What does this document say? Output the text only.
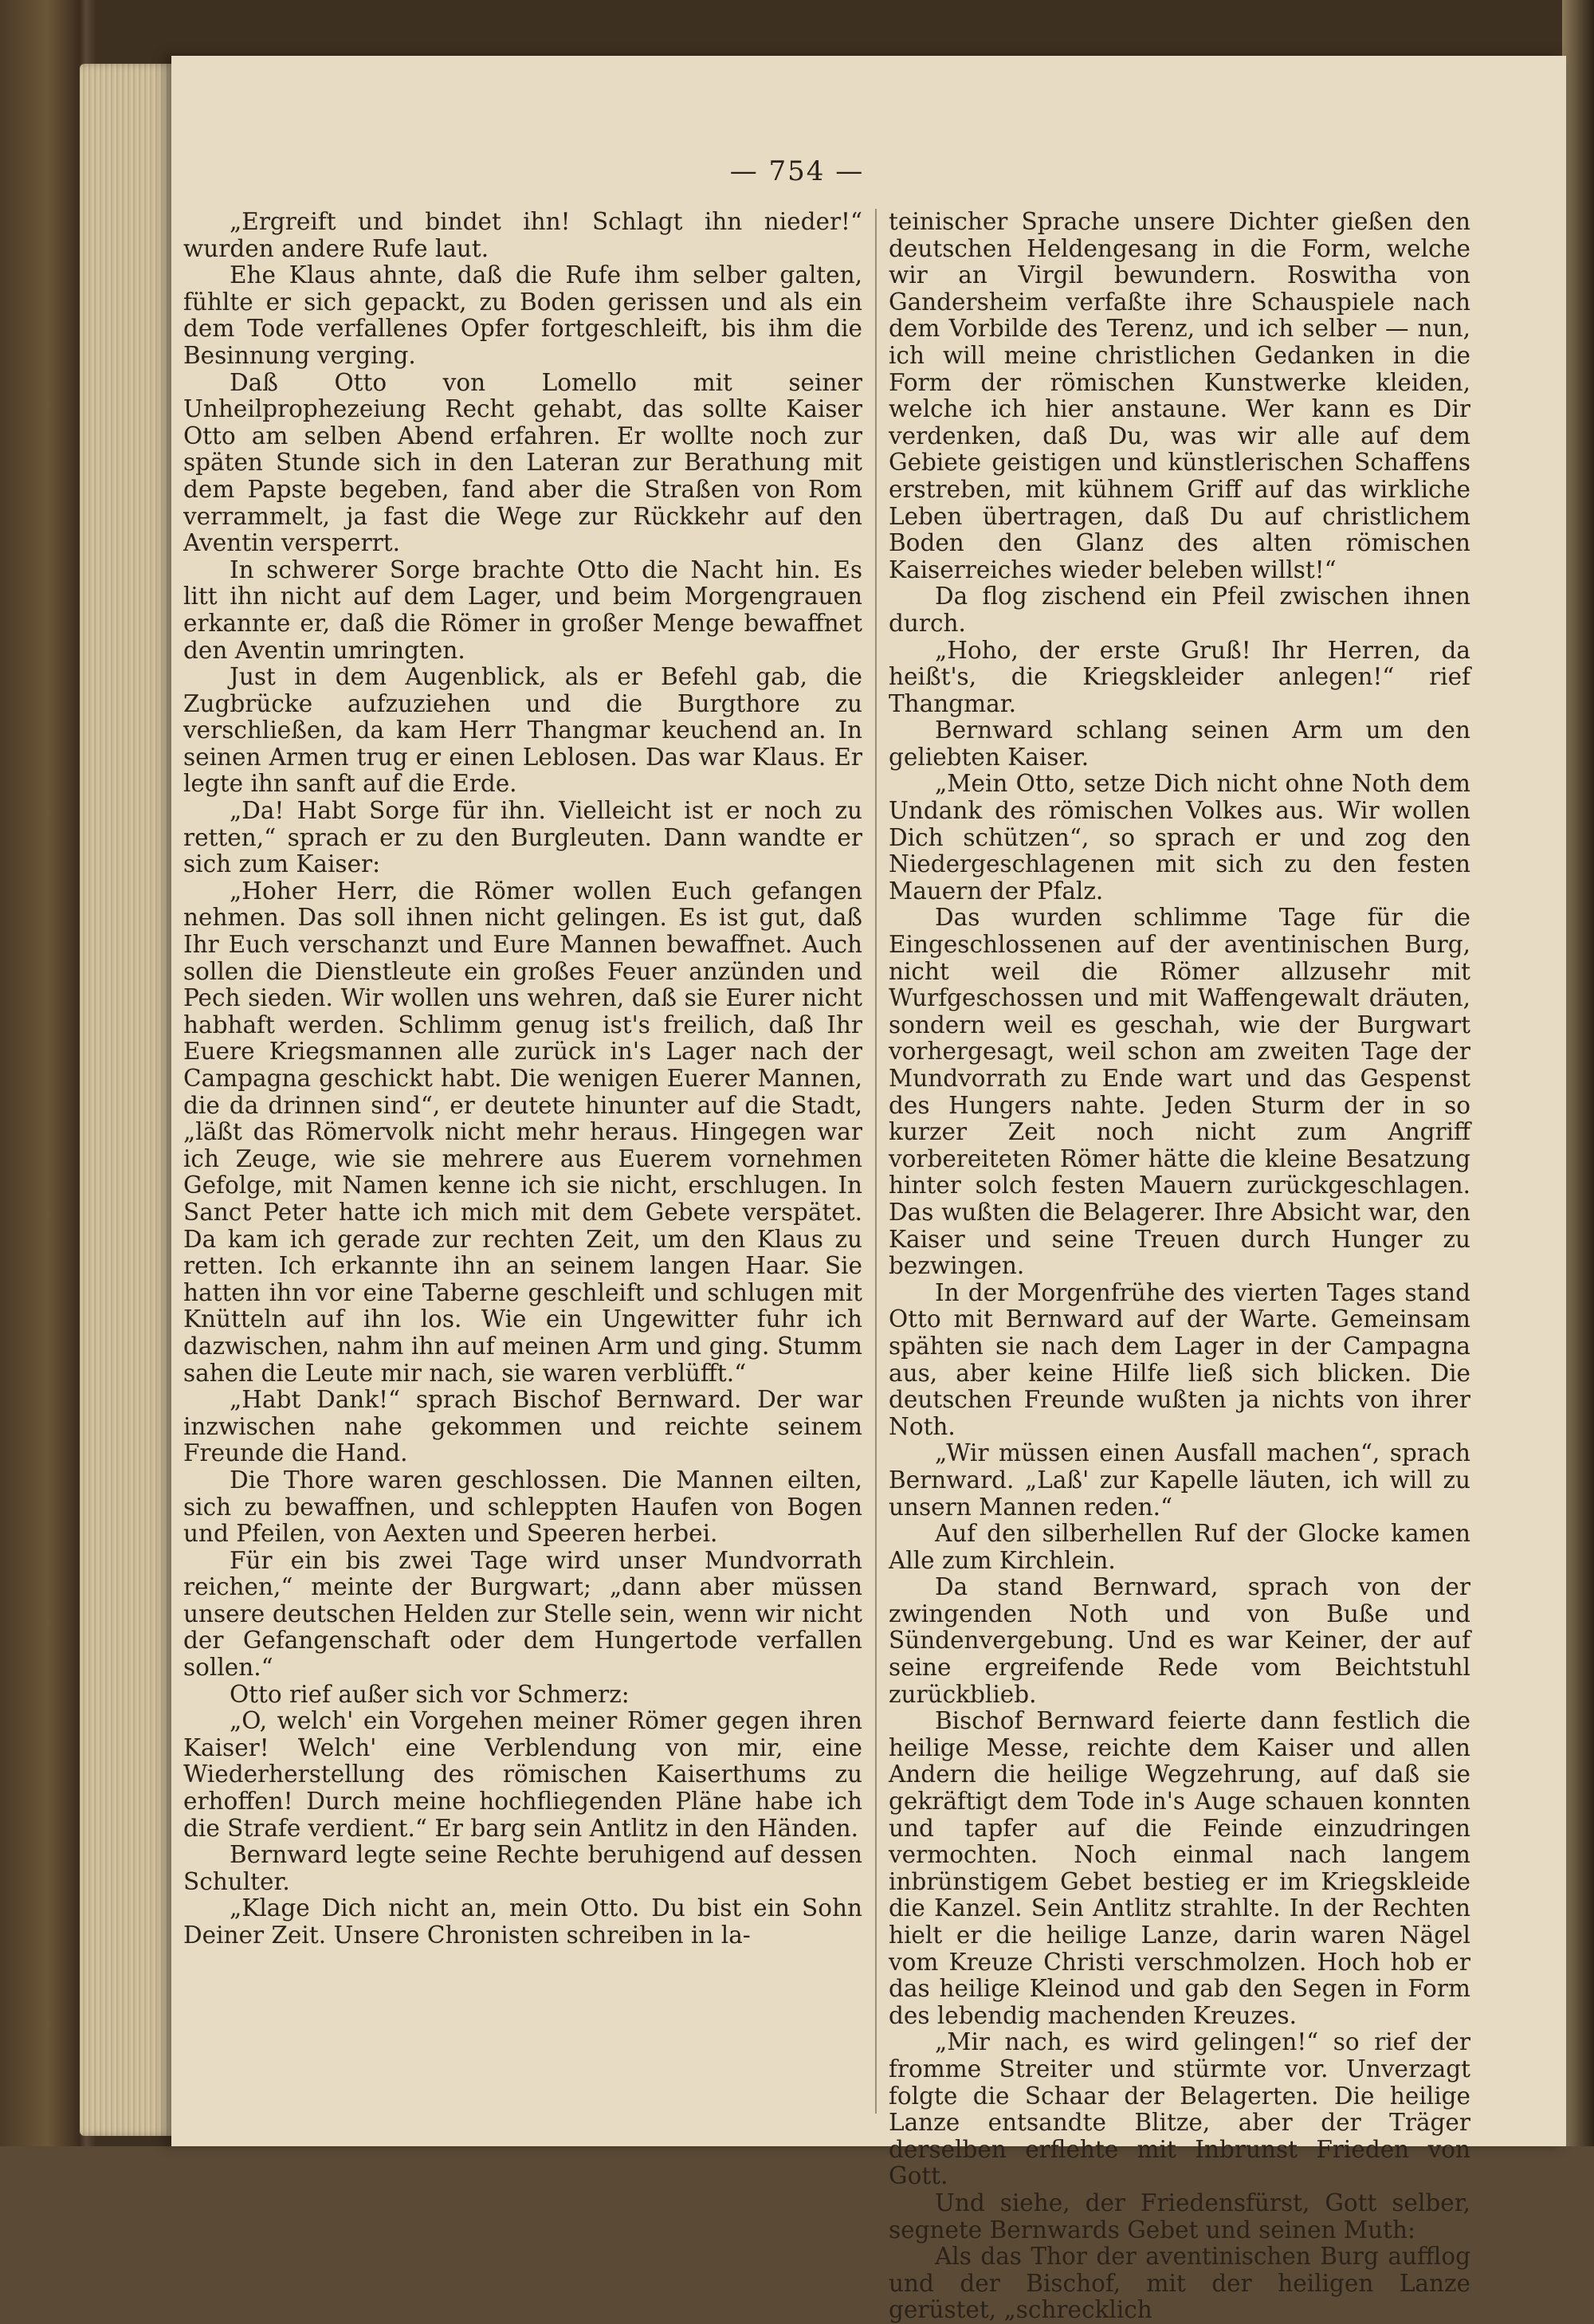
— 754 —

„Ergreift und bindet ihn! Schlagt ihn nieder!“ wurden andere Rufe laut.

Ehe Klaus ahnte, daß die Rufe ihm selber galten, fühlte er sich gepackt, zu Boden gerissen und als ein dem Tode verfallenes Opfer fortgeschleift, bis ihm die Besinnung verging.

Daß Otto von Lomello mit seiner Unheilprophezeiung Recht gehabt, das sollte Kaiser Otto am selben Abend erfahren. Er wollte noch zur späten Stunde sich in den Lateran zur Berathung mit dem Papste begeben, fand aber die Straßen von Rom verrammelt, ja fast die Wege zur Rückkehr auf den Aventin versperrt.

In schwerer Sorge brachte Otto die Nacht hin. Es litt ihn nicht auf dem Lager, und beim Morgengrauen erkannte er, daß die Römer in großer Menge bewaffnet den Aventin umringten.

Just in dem Augenblick, als er Befehl gab, die Zugbrücke aufzuziehen und die Burgthore zu verschließen, da kam Herr Thangmar keuchend an. In seinen Armen trug er einen Leblosen. Das war Klaus. Er legte ihn sanft auf die Erde.

„Da! Habt Sorge für ihn. Vielleicht ist er noch zu retten,“ sprach er zu den Burgleuten. Dann wandte er sich zum Kaiser:

„Hoher Herr, die Römer wollen Euch gefangen nehmen. Das soll ihnen nicht gelingen. Es ist gut, daß Ihr Euch verschanzt und Eure Mannen bewaffnet. Auch sollen die Dienstleute ein großes Feuer anzünden und Pech sieden. Wir wollen uns wehren, daß sie Eurer nicht habhaft werden. Schlimm genug ist's freilich, daß Ihr Euere Kriegsmannen alle zurück in's Lager nach der Campagna geschickt habt. Die wenigen Euerer Mannen, die da drinnen sind“, er deutete hinunter auf die Stadt, „läßt das Römervolk nicht mehr heraus. Hingegen war ich Zeuge, wie sie mehrere aus Euerem vornehmen Gefolge, mit Namen kenne ich sie nicht, erschlugen. In Sanct Peter hatte ich mich mit dem Gebete verspätet. Da kam ich gerade zur rechten Zeit, um den Klaus zu retten. Ich erkannte ihn an seinem langen Haar. Sie hatten ihn vor eine Taberne geschleift und schlugen mit Knütteln auf ihn los. Wie ein Ungewitter fuhr ich dazwischen, nahm ihn auf meinen Arm und ging. Stumm sahen die Leute mir nach, sie waren verblüfft.“

„Habt Dank!“ sprach Bischof Bernward. Der war inzwischen nahe gekommen und reichte seinem Freunde die Hand.

Die Thore waren geschlossen. Die Mannen eilten, sich zu bewaffnen, und schleppten Haufen von Bogen und Pfeilen, von Aexten und Speeren herbei.

Für ein bis zwei Tage wird unser Mundvorrath reichen,“ meinte der Burgwart; „dann aber müssen unsere deutschen Helden zur Stelle sein, wenn wir nicht der Gefangenschaft oder dem Hungertode verfallen sollen.“

Otto rief außer sich vor Schmerz:

„O, welch' ein Vorgehen meiner Römer gegen ihren Kaiser! Welch' eine Verblendung von mir, eine Wiederherstellung des römischen Kaiserthums zu erhoffen! Durch meine hochfliegenden Pläne habe ich die Strafe verdient.“ Er barg sein Antlitz in den Händen.

Bernward legte seine Rechte beruhigend auf dessen Schulter.

„Klage Dich nicht an, mein Otto. Du bist ein Sohn Deiner Zeit. Unsere Chronisten schreiben in la-

teinischer Sprache unsere Dichter gießen den deutschen Heldengesang in die Form, welche wir an Virgil bewundern. Roswitha von Gandersheim verfaßte ihre Schauspiele nach dem Vorbilde des Terenz, und ich selber — nun, ich will meine christlichen Gedanken in die Form der römischen Kunstwerke kleiden, welche ich hier anstaune. Wer kann es Dir verdenken, daß Du, was wir alle auf dem Gebiete geistigen und künstlerischen Schaffens erstreben, mit kühnem Griff auf das wirkliche Leben übertragen, daß Du auf christlichem Boden den Glanz des alten römischen Kaiserreiches wieder beleben willst!“

Da flog zischend ein Pfeil zwischen ihnen durch.

„Hoho, der erste Gruß! Ihr Herren, da heißt's, die Kriegskleider anlegen!“ rief Thangmar.

Bernward schlang seinen Arm um den geliebten Kaiser.

„Mein Otto, setze Dich nicht ohne Noth dem Undank des römischen Volkes aus. Wir wollen Dich schützen“, so sprach er und zog den Niedergeschlagenen mit sich zu den festen Mauern der Pfalz.

Das wurden schlimme Tage für die Eingeschlossenen auf der aventinischen Burg, nicht weil die Römer allzusehr mit Wurfgeschossen und mit Waffengewalt dräuten, sondern weil es geschah, wie der Burgwart vorhergesagt, weil schon am zweiten Tage der Mundvorrath zu Ende wart und das Gespenst des Hungers nahte. Jeden Sturm der in so kurzer Zeit noch nicht zum Angriff vorbereiteten Römer hätte die kleine Besatzung hinter solch festen Mauern zurückgeschlagen. Das wußten die Belagerer. Ihre Absicht war, den Kaiser und seine Treuen durch Hunger zu bezwingen.

In der Morgenfrühe des vierten Tages stand Otto mit Bernward auf der Warte. Gemeinsam spähten sie nach dem Lager in der Campagna aus, aber keine Hilfe ließ sich blicken. Die deutschen Freunde wußten ja nichts von ihrer Noth.

„Wir müssen einen Ausfall machen“, sprach Bernward. „Laß' zur Kapelle läuten, ich will zu unsern Mannen reden.“

Auf den silberhellen Ruf der Glocke kamen Alle zum Kirchlein.

Da stand Bernward, sprach von der zwingenden Noth und von Buße und Sündenvergebung. Und es war Keiner, der auf seine ergreifende Rede vom Beichtstuhl zurückblieb.

Bischof Bernward feierte dann festlich die heilige Messe, reichte dem Kaiser und allen Andern die heilige Wegzehrung, auf daß sie gekräftigt dem Tode in's Auge schauen konnten und tapfer auf die Feinde einzudringen vermochten. Noch einmal nach langem inbrünstigem Gebet bestieg er im Kriegskleide die Kanzel. Sein Antlitz strahlte. In der Rechten hielt er die heilige Lanze, darin waren Nägel vom Kreuze Christi verschmolzen. Hoch hob er das heilige Kleinod und gab den Segen in Form des lebendig machenden Kreuzes.

„Mir nach, es wird gelingen!“ so rief der fromme Streiter und stürmte vor. Unverzagt folgte die Schaar der Belagerten. Die heilige Lanze entsandte Blitze, aber der Träger derselben erflehte mit Inbrunst Frieden von Gott.

Und siehe, der Friedensfürst, Gott selber, segnete Bernwards Gebet und seinen Muth:

Als das Thor der aventinischen Burg aufflog und der Bischof, mit der heiligen Lanze gerüstet, „schrecklich
